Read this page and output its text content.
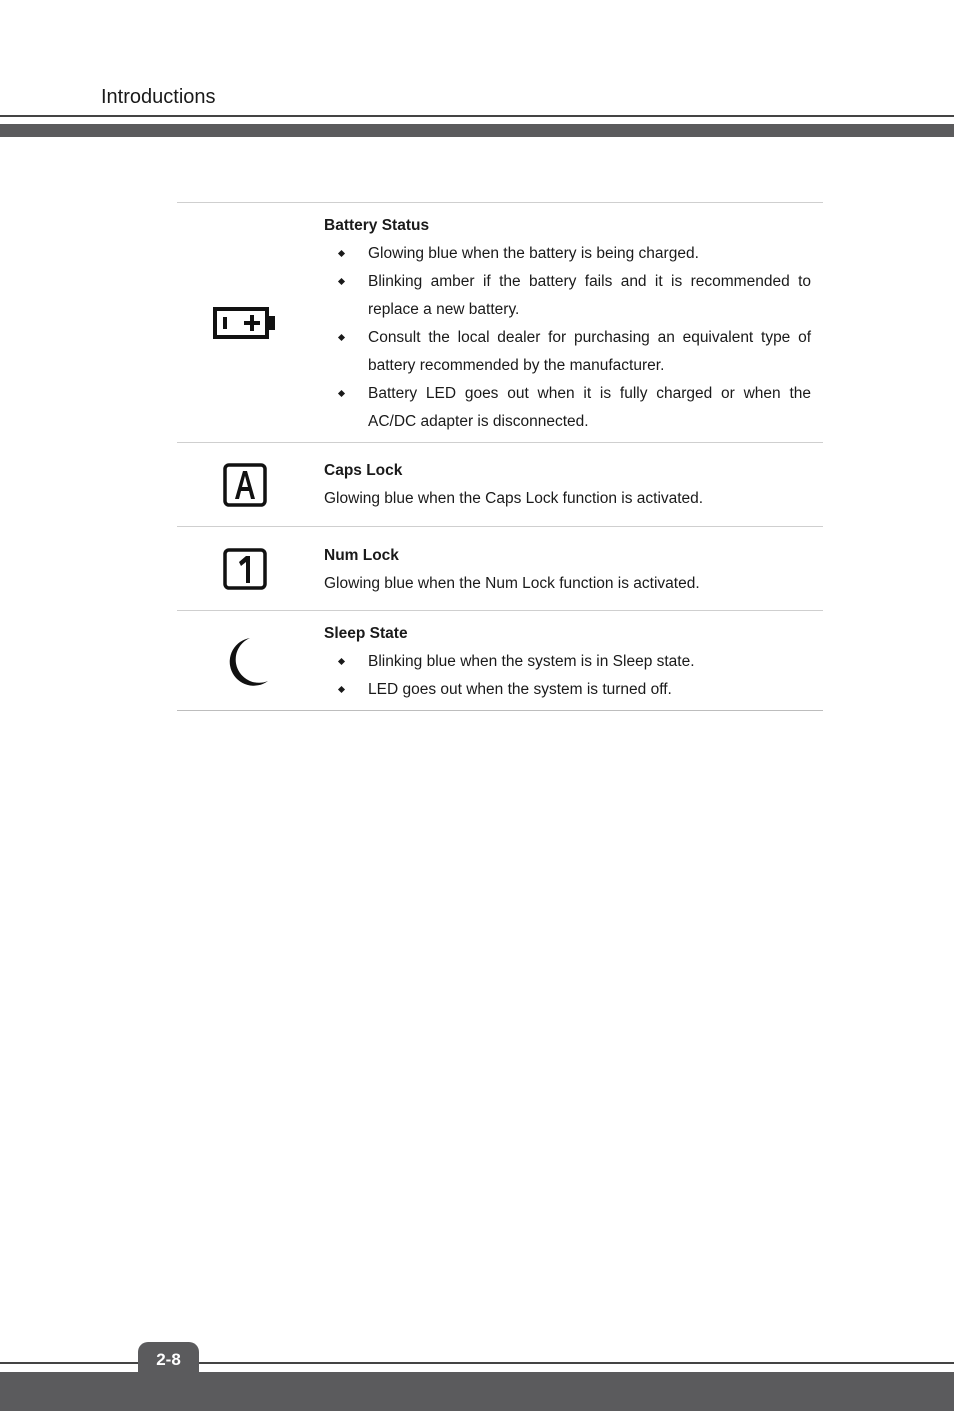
Introductions
Battery Status
Glowing blue when the battery is being charged.
Blinking amber if the battery fails and it is recommended to replace a new battery.
Consult the local dealer for purchasing an equivalent type of battery recommended by the manufacturer.
Battery LED goes out when it is fully charged or when the AC/DC adapter is disconnected.
Caps Lock
Glowing blue when the Caps Lock function is activated.
Num Lock
Glowing blue when the Num Lock function is activated.
Sleep State
Blinking blue when the system is in Sleep state.
LED goes out when the system is turned off.
2-8
